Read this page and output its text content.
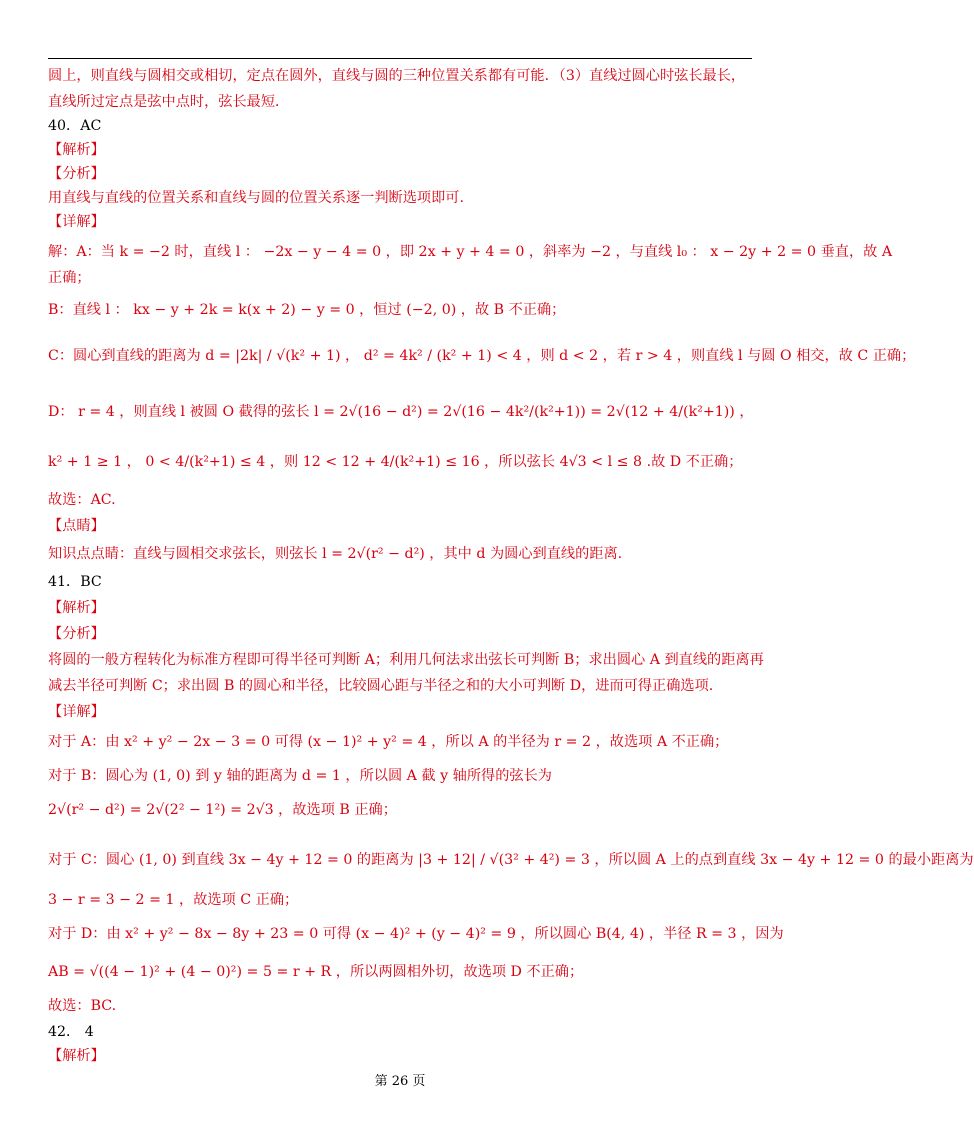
圆上，则直线与圆相交或相切，定点在圆外，直线与圆的三种位置关系都有可能．（3）直线过圆心时弦长最长，
直线所过定点是弦中点时，弦长最短．
40．AC
【解析】
【分析】
用直线与直线的位置关系和直线与圆的位置关系逐一判断选项即可.
【详解】
解：A：当 k = −2 时，直线 l ： −2x − y − 4 = 0 ，即 2x + y + 4 = 0 ，斜率为 −2 ，与直线 l₀ ： x − 2y + 2 = 0 垂直，故 A
正确；
B：直线 l ： kx − y + 2k = k(x + 2) − y = 0 ，恒过 (−2, 0) ，故 B 不正确；
C：圆心到直线的距离为 d = |2k| / √(k² + 1) ， d² = 4k² / (k² + 1) < 4 ，则 d < 2 ，若 r > 4 ，则直线 l 与圆 O 相交，故 C 正确；
D： r = 4 ，则直线 l 被圆 O 截得的弦长 l = 2√(16 − d²) = 2√(16 − 4k²/(k²+1)) = 2√(12 + 4/(k²+1)) ，
k² + 1 ≥ 1 ， 0 < 4/(k²+1) ≤ 4 ，则 12 < 12 + 4/(k²+1) ≤ 16 ，所以弦长 4√3 < l ≤ 8 .故 D 不正确；
故选：AC.
【点睛】
知识点点睛：直线与圆相交求弦长，则弦长 l = 2√(r² − d²) ，其中 d 为圆心到直线的距离.
41．BC
【解析】
【分析】
将圆的一般方程转化为标准方程即可得半径可判断 A；利用几何法求出弦长可判断 B；求出圆心 A 到直线的距离再
减去半径可判断 C；求出圆 B 的圆心和半径，比较圆心距与半径之和的大小可判断 D，进而可得正确选项.
【详解】
对于 A：由 x² + y² − 2x − 3 = 0 可得 (x − 1)² + y² = 4 ，所以 A 的半径为 r = 2 ，故选项 A 不正确；
对于 B：圆心为 (1, 0) 到 y 轴的距离为 d = 1 ，所以圆 A 截 y 轴所得的弦长为
2√(r² − d²) = 2√(2² − 1²) = 2√3 ，故选项 B 正确；
对于 C：圆心 (1, 0) 到直线 3x − 4y + 12 = 0 的距离为 |3 + 12| / √(3² + 4²) = 3 ，所以圆 A 上的点到直线 3x − 4y + 12 = 0 的最小距离为
3 − r = 3 − 2 = 1 ，故选项 C 正确；
对于 D：由 x² + y² − 8x − 8y + 23 = 0 可得 (x − 4)² + (y − 4)² = 9 ，所以圆心 B(4, 4) ，半径 R = 3 ，因为
AB = √((4 − 1)² + (4 − 0)²) = 5 = r + R ，所以两圆相外切，故选项 D 不正确；
故选：BC.
42． 4
【解析】
第 26 页
